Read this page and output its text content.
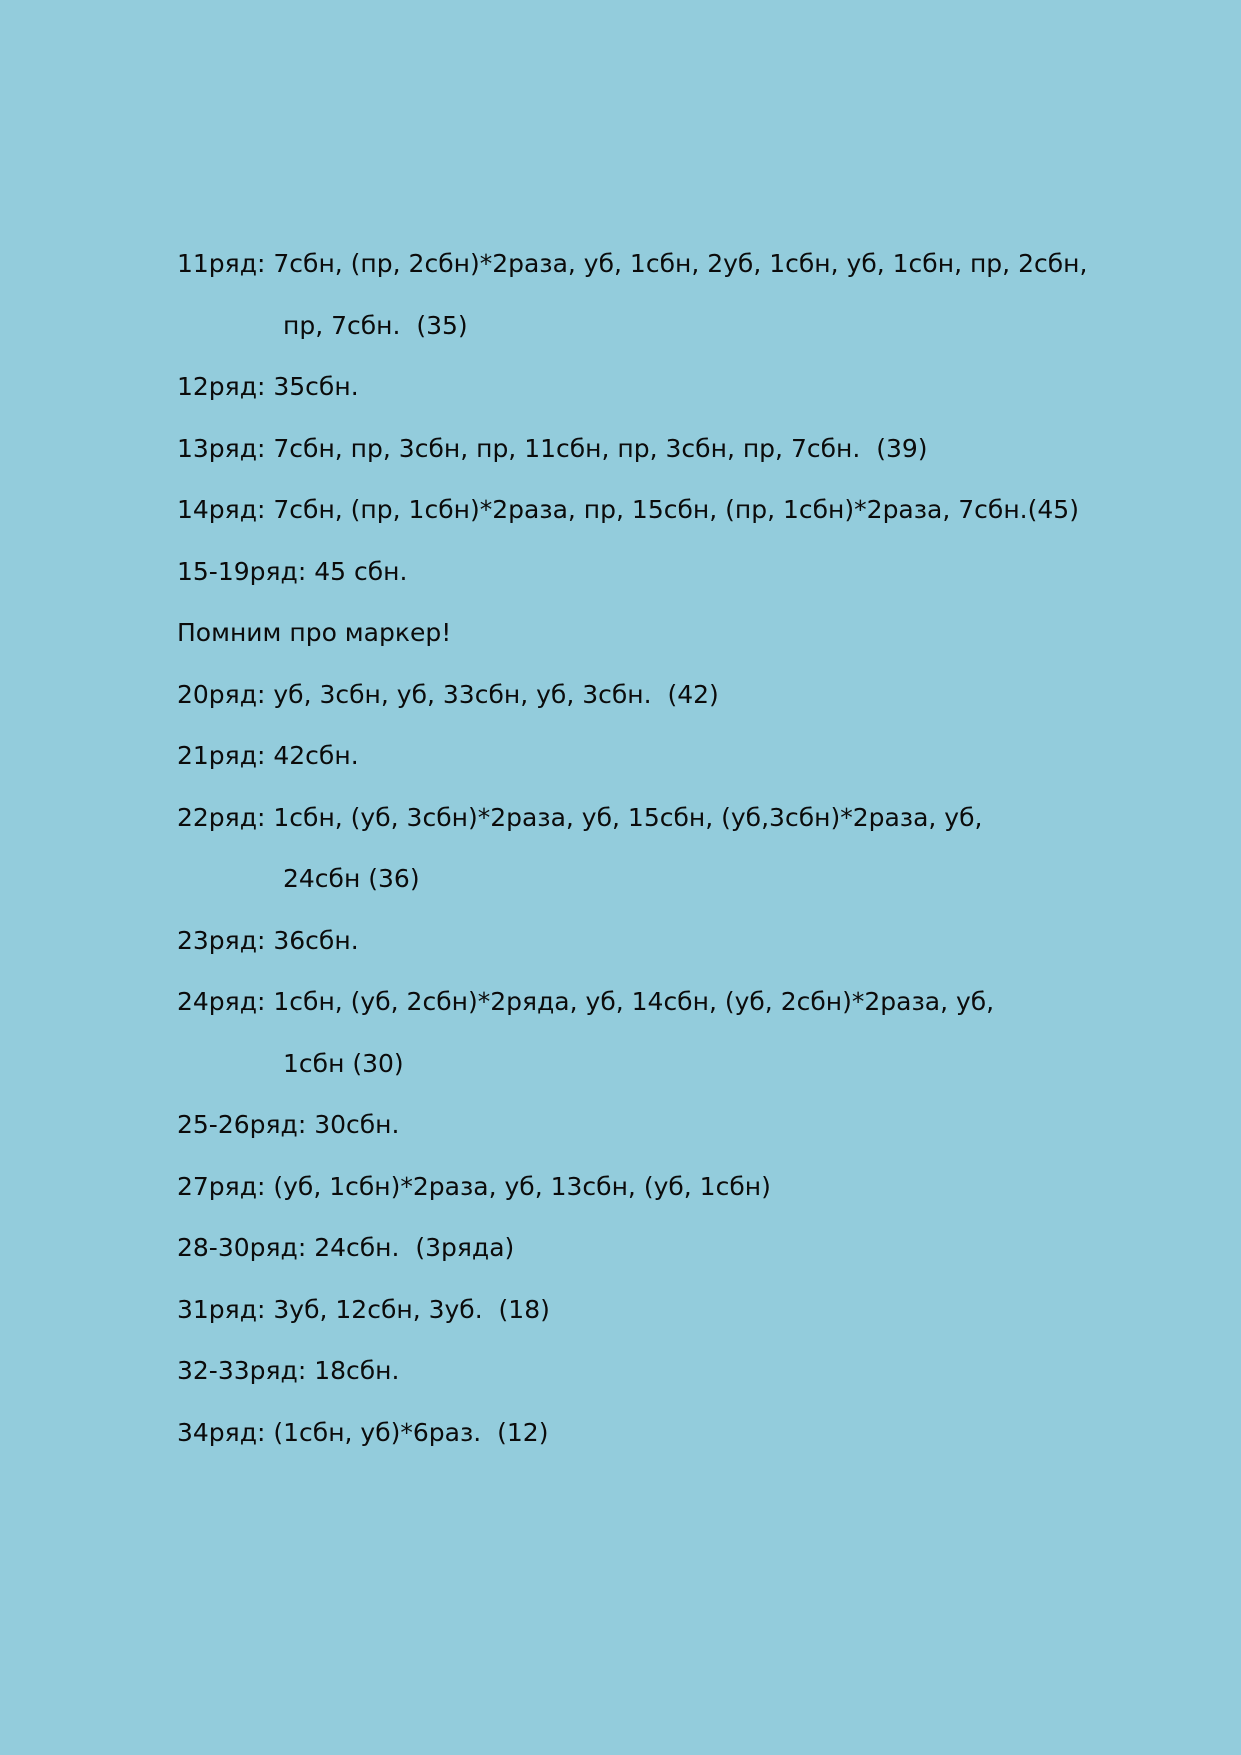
11ряд: 7сбн, (пр, 2сбн)*2раза, уб, 1сбн, 2уб, 1сбн, уб, 1сбн, пр, 2сбн,
пр, 7сбн.  (35)
12ряд: 35сбн.
13ряд: 7сбн, пр, 3сбн, пр, 11сбн, пр, 3сбн, пр, 7сбн.  (39)
14ряд: 7сбн, (пр, 1сбн)*2раза, пр, 15сбн, (пр, 1сбн)*2раза, 7сбн.(45)
15-19ряд: 45 сбн.
Помним про маркер!
20ряд: уб, 3сбн, уб, 33сбн, уб, 3сбн.  (42)
21ряд: 42сбн.
22ряд: 1сбн, (уб, 3сбн)*2раза, уб, 15сбн, (уб,3сбн)*2раза, уб,
24сбн (36)
23ряд: 36сбн.
24ряд: 1сбн, (уб, 2сбн)*2ряда, уб, 14сбн, (уб, 2сбн)*2раза, уб,
1сбн (30)
25-26ряд: 30сбн.
27ряд: (уб, 1сбн)*2раза, уб, 13сбн, (уб, 1сбн)
28-30ряд: 24сбн.  (3ряда)
31ряд: 3уб, 12сбн, 3уб.  (18)
32-33ряд: 18сбн.
34ряд: (1сбн, уб)*6раз.  (12)
